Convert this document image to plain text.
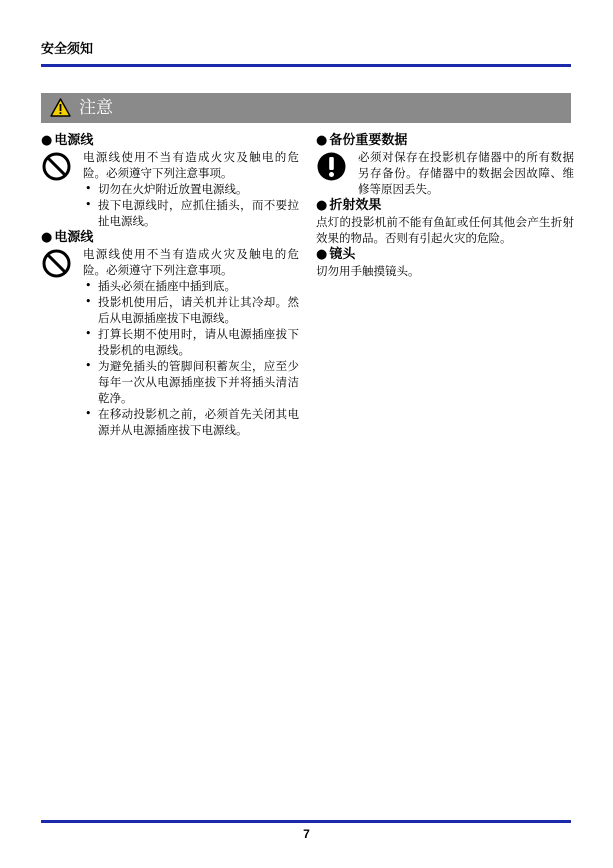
安全须知
注意
● 电源线
电源线使用不当有造成火灾及触电的危险。必须遵守下列注意事项。
• 切勿在火炉附近放置电源线。
• 拔下电源线时，应抓住插头，而不要拉扯电源线。
● 电源线
电源线使用不当有造成火灾及触电的危险。必须遵守下列注意事项。
• 插头必须在插座中插到底。
• 投影机使用后，请关机并让其冷却。然后从电源插座拔下电源线。
• 打算长期不使用时，请从电源插座拔下投影机的电源线。
• 为避免插头的管脚间积蓄灰尘，应至少每年一次从电源插座拔下并将插头清洁乾净。
• 在移动投影机之前，必须首先关闭其电源并从电源插座拔下电源线。
● 备份重要数据
必须对保存在投影机存储器中的所有数据另存备份。存储器中的数据会因故障、维修等原因丢失。
● 折射效果
点灯的投影机前不能有鱼缸或任何其他会产生折射效果的物品。否则有引起火灾的危险。
● 镜头
切勿用手触摸镜头。
7
